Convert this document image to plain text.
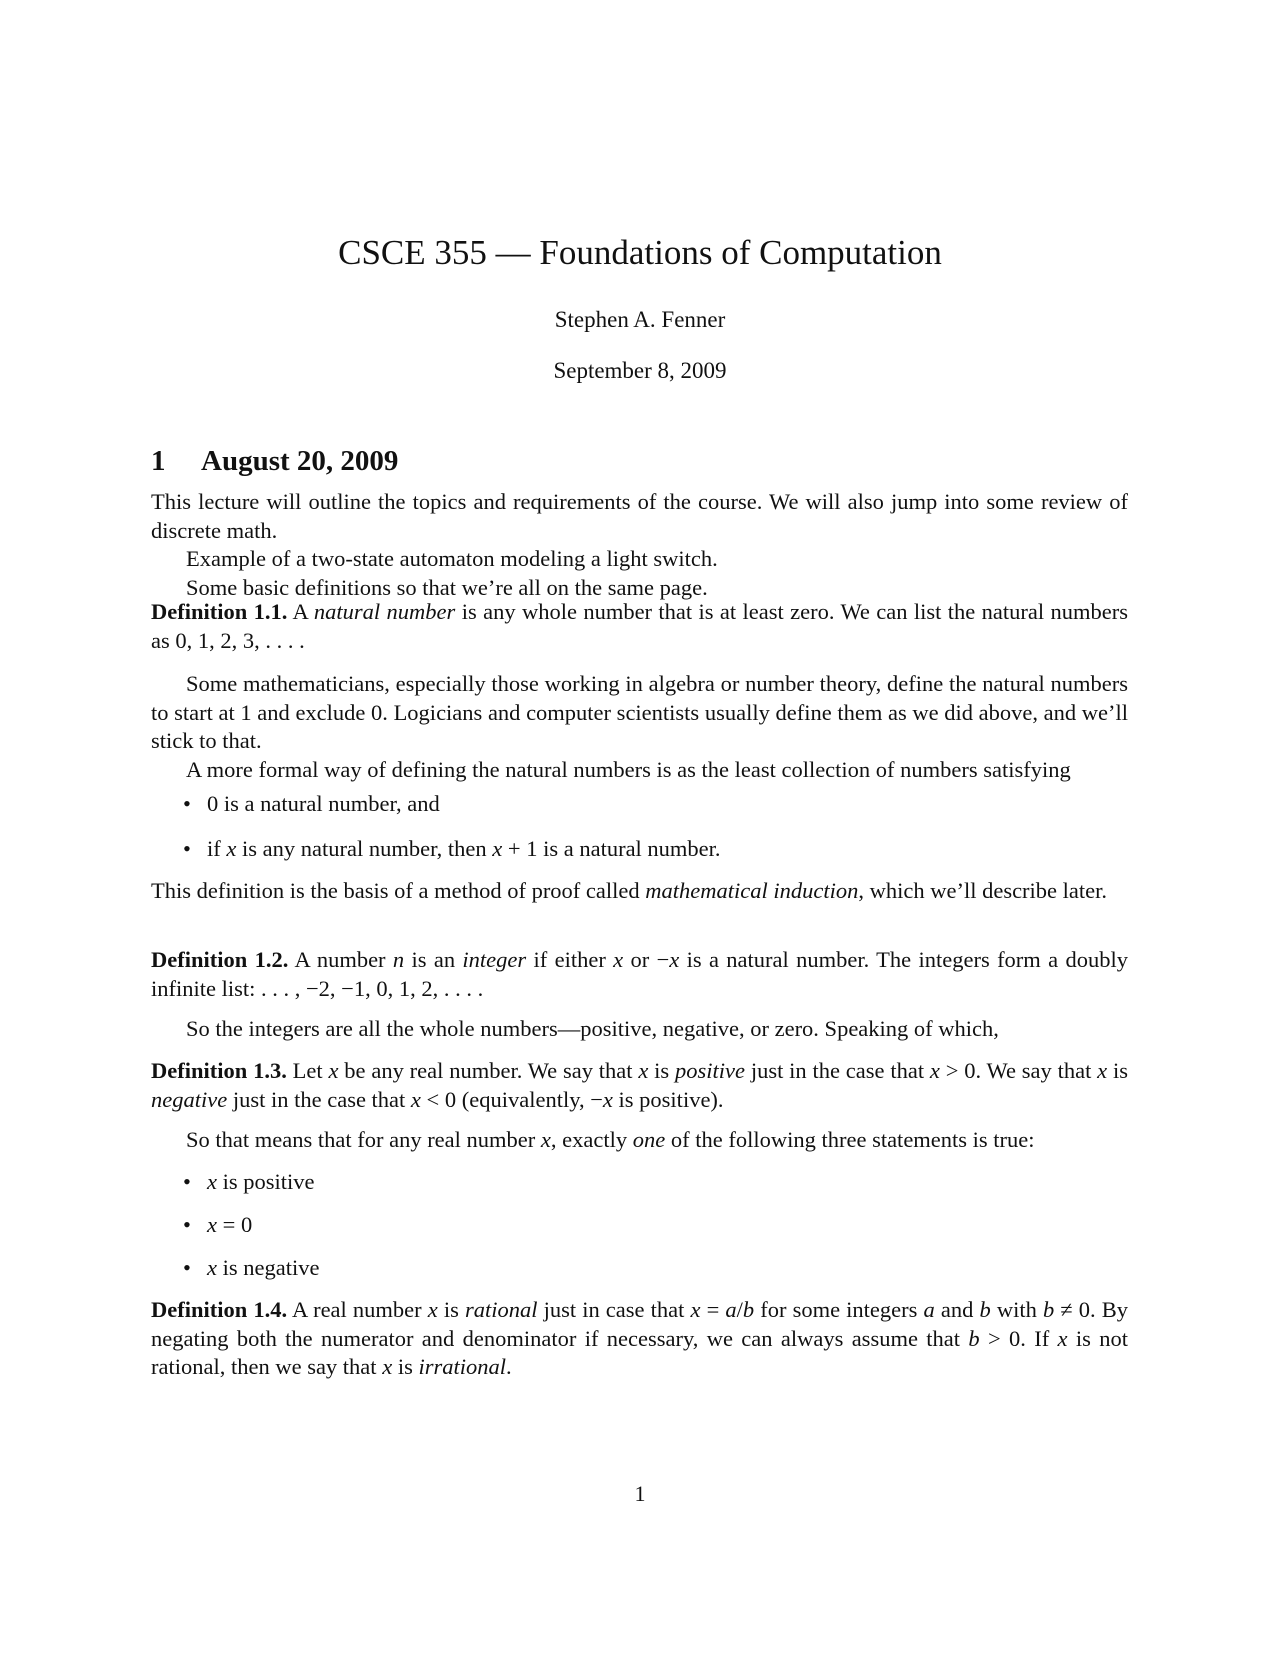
CSCE 355 — Foundations of Computation
Stephen A. Fenner
September 8, 2009
1 August 20, 2009

This lecture will outline the topics and requirements of the course. We will also jump into some review of discrete math.

Example of a two-state automaton modeling a light switch.

Some basic definitions so that we’re all on the same page.

Definition 1.1. A natural number is any whole number that is at least zero. We can list the natural numbers as 0, 1, 2, 3, . . . .

Some mathematicians, especially those working in algebra or number theory, define the natural numbers to start at 1 and exclude 0. Logicians and computer scientists usually define them as we did above, and we’ll stick to that.

A more formal way of defining the natural numbers is as the least collection of numbers satisfying

• 0 is a natural number, and
• if x is any natural number, then x + 1 is a natural number.

This definition is the basis of a method of proof called mathematical induction, which we’ll describe later.

Definition 1.2. A number n is an integer if either x or −x is a natural number. The integers form a doubly infinite list: . . . , −2, −1, 0, 1, 2, . . . .

So the integers are all the whole numbers—positive, negative, or zero. Speaking of which,

Definition 1.3. Let x be any real number. We say that x is positive just in the case that x > 0. We say that x is negative just in the case that x < 0 (equivalently, −x is positive).

So that means that for any real number x, exactly one of the following three statements is true:

• x is positive
• x = 0
• x is negative

Definition 1.4. A real number x is rational just in case that x = a/b for some integers a and b with b ≠ 0. By negating both the numerator and denominator if necessary, we can always assume that b > 0. If x is not rational, then we say that x is irrational.

1
